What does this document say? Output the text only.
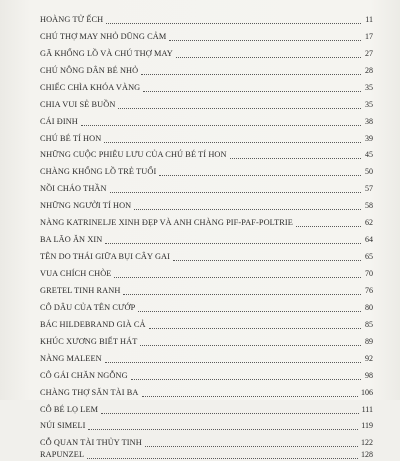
HOÀNG TỬ ẾCH	11
CHÚ THỢ MAY NHỎ DŨNG CẢM	17
GÃ KHỔNG LỒ VÀ CHÚ THỢ MAY	27
CHÚ NÔNG DÂN BÉ NHỎ	28
CHIẾC CHÌA KHÓA VÀNG	35
CHIA VUI SẺ BUỒN	35
CÁI ĐINH	38
CHÚ BÉ TÍ HON	39
NHỮNG CUỘC PHIÊU LƯU CỦA CHÚ BÉ TÍ HON	45
CHÀNG KHỔNG LỒ TRẺ TUỔI	50
NỒI CHÁO THẦN	57
NHỮNG NGƯỜI TÍ HON	58
NÀNG KATRINELJE XINH ĐẸP VÀ ANH CHÀNG PIF-PAF-POLTRIE	62
BA LÃO ĂN XIN	64
TÊN DO THÁI GIỮA BỤI CÂY GAI	65
VUA CHÍCH CHÒE	70
GRETEL TINH RANH	76
CÔ DÂU CỦA TÊN CƯỚP	80
BÁC HILDEBRAND GIÀ CẢ	85
KHÚC XƯƠNG BIẾT HÁT	89
NÀNG MALEEN	92
CÔ GÁI CHĂN NGỖNG	98
CHÀNG THỢ SĂN TÀI BA	106
CÔ BÉ LỌ LEM	111
NÚI SIMELI	119
CỖ QUAN TÀI THỦY TINH	122
RAPUNZEL	128
